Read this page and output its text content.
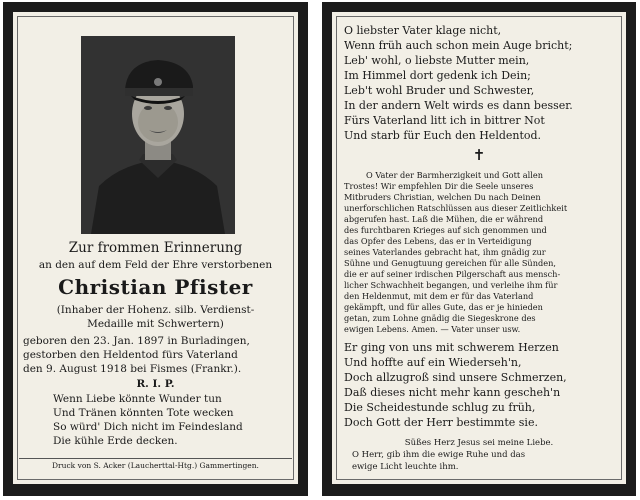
Zur frommen Erinnerung
an den auf dem Feld der Ehre verstorbenen
Christian Pfister
(Inhaber der Hohenz. silb. Verdienst-
Medaille mit Schwertern)
geboren den 23. Jan. 1897 in Burladingen,
gestorben den Heldentod fürs Vaterland
den 9. August 1918 bei Fismes (Frankr.).
R. I. P.
Wenn Liebe könnte Wunder tun
Und Tränen könnten Tote wecken
So würd' Dich nicht im Feindesland
Die kühle Erde decken.
Druck von S. Acker (Laucherttal-Htg.) Gammertingen.
O liebster Vater klage nicht,
Wenn früh auch schon mein Auge bricht;
Leb' wohl, o liebste Mutter mein,
Im Himmel dort gedenk ich Dein;
Leb't wohl Bruder und Schwester,
In der andern Welt wirds es dann besser.
Fürs Vaterland litt ich in bittrer Not
Und starb für Euch den Heldentod.
✝
O Vater der Barmherzigkeit und Gott allen
Trostes! Wir empfehlen Dir die Seele unseres
Mitbruders Christian, welchen Du nach Deinen
unerforschlichen Ratschlüssen aus dieser Zeitlichkeit
abgerufen hast. Laß die Mühen, die er während
des furchtbaren Krieges auf sich genommen und
das Opfer des Lebens, das er in Verteidigung
seines Vaterlandes gebracht hat, ihm gnädig zur
Sühne und Genugtuung gereichen für alle Sünden,
die er auf seiner irdischen Pilgerschaft aus mensch-
licher Schwachheit begangen, und verleihe ihm für
den Heldenmut, mit dem er für das Vaterland
gekämpft, und für alles Gute, das er je hinieden
getan, zum Lohne gnädig die Siegeskrone des
ewigen Lebens. Amen. — Vater unser usw.
Er ging von uns mit schwerem Herzen
Und hoffte auf ein Wiederseh'n,
Doch allzugroß sind unsere Schmerzen,
Daß dieses nicht mehr kann gescheh'n
Die Scheidestunde schlug zu früh,
Doch Gott der Herr bestimmte sie.
Süßes Herz Jesus sei meine Liebe.
O Herr, gib ihm die ewige Ruhe und das
ewige Licht leuchte ihm.
